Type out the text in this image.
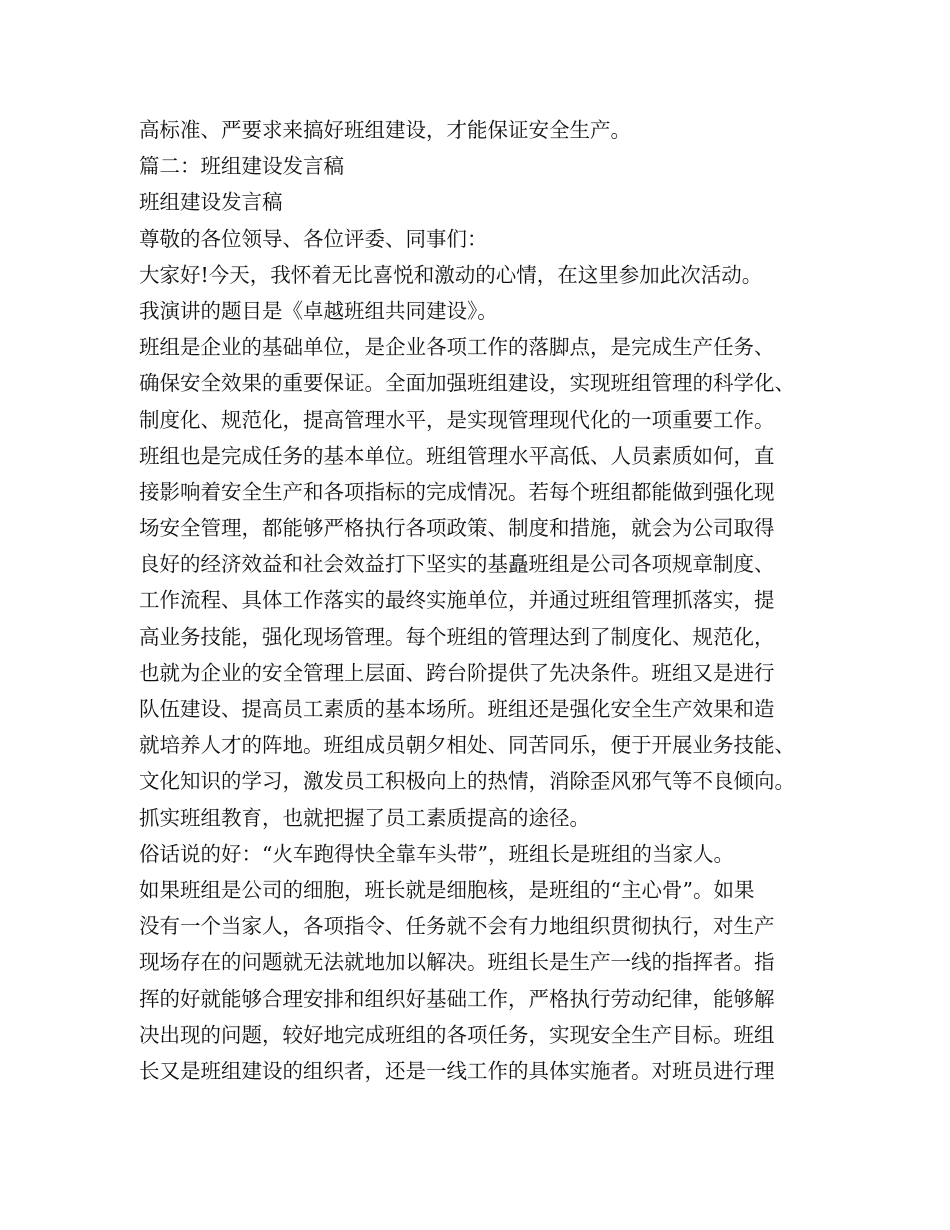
高标准、严要求来搞好班组建设，才能保证安全生产。
篇二：班组建设发言稿
班组建设发言稿
尊敬的各位领导、各位评委、同事们：
大家好!今天，我怀着无比喜悦和激动的心情，在这里参加此次活动。
我演讲的题目是《卓越班组共同建设》。
班组是企业的基础单位，是企业各项工作的落脚点，是完成生产任务、
确保安全效果的重要保证。全面加强班组建设，实现班组管理的科学化、
制度化、规范化，提高管理水平，是实现管理现代化的一项重要工作。
班组也是完成任务的基本单位。班组管理水平高低、人员素质如何，直
接影响着安全生产和各项指标的完成情况。若每个班组都能做到强化现
场安全管理，都能够严格执行各项政策、制度和措施，就会为公司取得
良好的经济效益和社会效益打下坚实的基矗班组是公司各项规章制度、
工作流程、具体工作落实的最终实施单位，并通过班组管理抓落实，提
高业务技能，强化现场管理。每个班组的管理达到了制度化、规范化，
也就为企业的安全管理上层面、跨台阶提供了先决条件。班组又是进行
队伍建设、提高员工素质的基本场所。班组还是强化安全生产效果和造
就培养人才的阵地。班组成员朝夕相处、同苦同乐，便于开展业务技能、
文化知识的学习，激发员工积极向上的热情，消除歪风邪气等不良倾向。
抓实班组教育，也就把握了员工素质提高的途径。
俗话说的好：“火车跑得快全靠车头带”，班组长是班组的当家人。
如果班组是公司的细胞，班长就是细胞核，是班组的“主心骨”。如果
没有一个当家人，各项指令、任务就不会有力地组织贯彻执行，对生产
现场存在的问题就无法就地加以解决。班组长是生产一线的指挥者。指
挥的好就能够合理安排和组织好基础工作，严格执行劳动纪律，能够解
决出现的问题，较好地完成班组的各项任务，实现安全生产目标。班组
长又是班组建设的组织者，还是一线工作的具体实施者。对班员进行理
